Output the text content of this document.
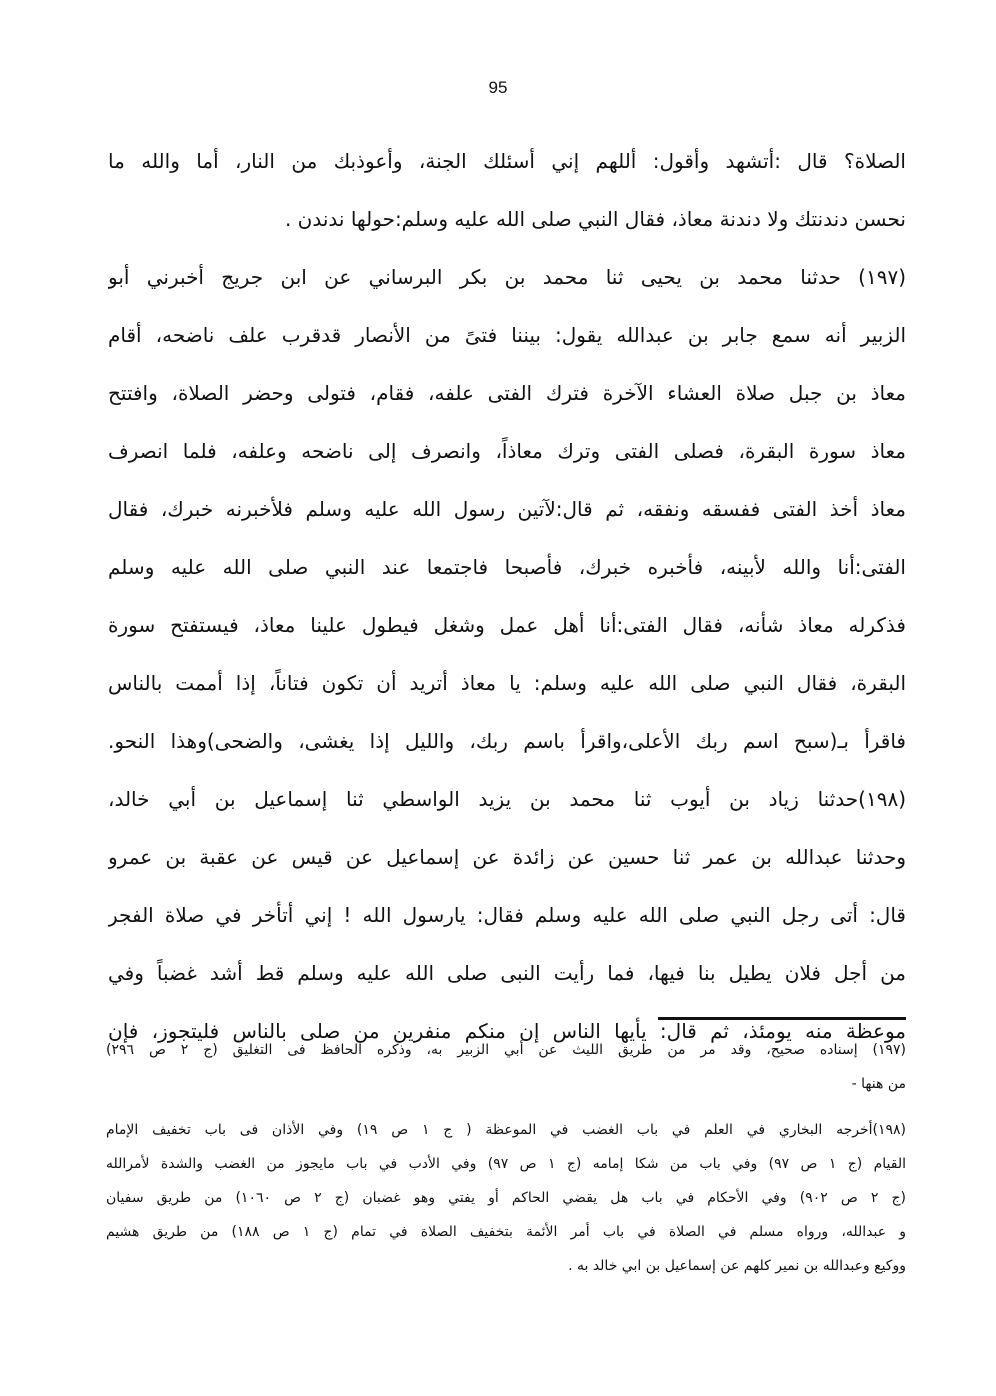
95
الصلاة؟ قال :أتشهد وأقول: أللهم إني أسئلك الجنة، وأعوذبك من النار، أما والله ما
نحسن دندنتك ولا دندنة معاذ، فقال النبي صلى الله عليه وسلم:حولها ندندن .
(١٩٧) حدثنا محمد بن يحيى ثنا محمد بن بكر البرساني عن ابن جريج أخبرني أبو
الزبير أنه سمع جابر بن عبدالله يقول: بيننا فتىً من الأنصار قدقرب علف ناضحه، أقام
معاذ بن جبل صلاة العشاء الآخرة فترك الفتى علفه، فقام، فتولى وحضر الصلاة، وافتتح
معاذ سورة البقرة، فصلى الفتى وترك معاذاً، وانصرف إلى ناضحه وعلفه، فلما انصرف
معاذ أخذ الفتى ففسقه ونفقه، ثم قال:لآتين رسول الله عليه وسلم فلأخبرنه خبرك، فقال
الفتى:أنا والله لأبينه، فأخبره خبرك، فأصبحا فاجتمعا عند النبي صلى الله عليه وسلم
فذكرله معاذ شأنه، فقال الفتى:أنا أهل عمل وشغل فيطول علينا معاذ، فيستفتح سورة
البقرة، فقال النبي صلى الله عليه وسلم: يا معاذ أتريد أن تكون فتاناً، إذا أممت بالناس
فاقرأ بـ(سبح اسم ربك الأعلى،واقرأ باسم ربك، والليل إذا يغشى، والضحى)وهذا النحو.
(١٩٨)حدثنا زياد بن أيوب ثنا محمد بن يزيد الواسطي ثنا إسماعيل بن أبي خالد،
وحدثنا عبدالله بن عمر ثنا حسين عن زائدة عن إسماعيل عن قيس عن عقبة بن عمرو
قال: أتى رجل النبي صلى الله عليه وسلم فقال: يارسول الله ! إني أتأخر في صلاة الفجر
من أجل فلان يطيل بنا فيها، فما رأيت النبى صلى الله عليه وسلم قط أشد غضباً وفي
موعظة منه يومئذ، ثم قال: يأيها الناس إن منكم منفرين من صلى بالناس فليتجوز، فإن
(١٩٧) إسناده صحيح، وقد مر من طريق الليث عن أبي الزبير به، وذكره الحافظ فى التغليق (ج ٢ ص ٢٩٦)
من هنها -
(١٩٨)أخرجه البخاري في العلم في باب الغضب في الموعظة ( ج ١ ص ١٩) وفي الأذان فى باب تخفيف الإمام
القيام (ج ١ ص ٩٧) وفي باب من شكا إمامه (ج ١ ص ٩٧) وفي الأدب في باب مايجوز من الغضب والشدة لأمرالله
(ج ٢ ص ٩٠٢) وفي الأحكام في باب هل يقضي الحاكم أو يفتي وهو غضبان (ج ٢ ص ١٠٦٠) من طريق سفيان
و عبدالله، ورواه مسلم في الصلاة في باب أمر الأئمة بتخفيف الصلاة في تمام (ج ١ ص ١٨٨) من طريق هشيم
ووكيع وعبدالله بن نمير كلهم عن إسماعيل بن ابي خالد به .
